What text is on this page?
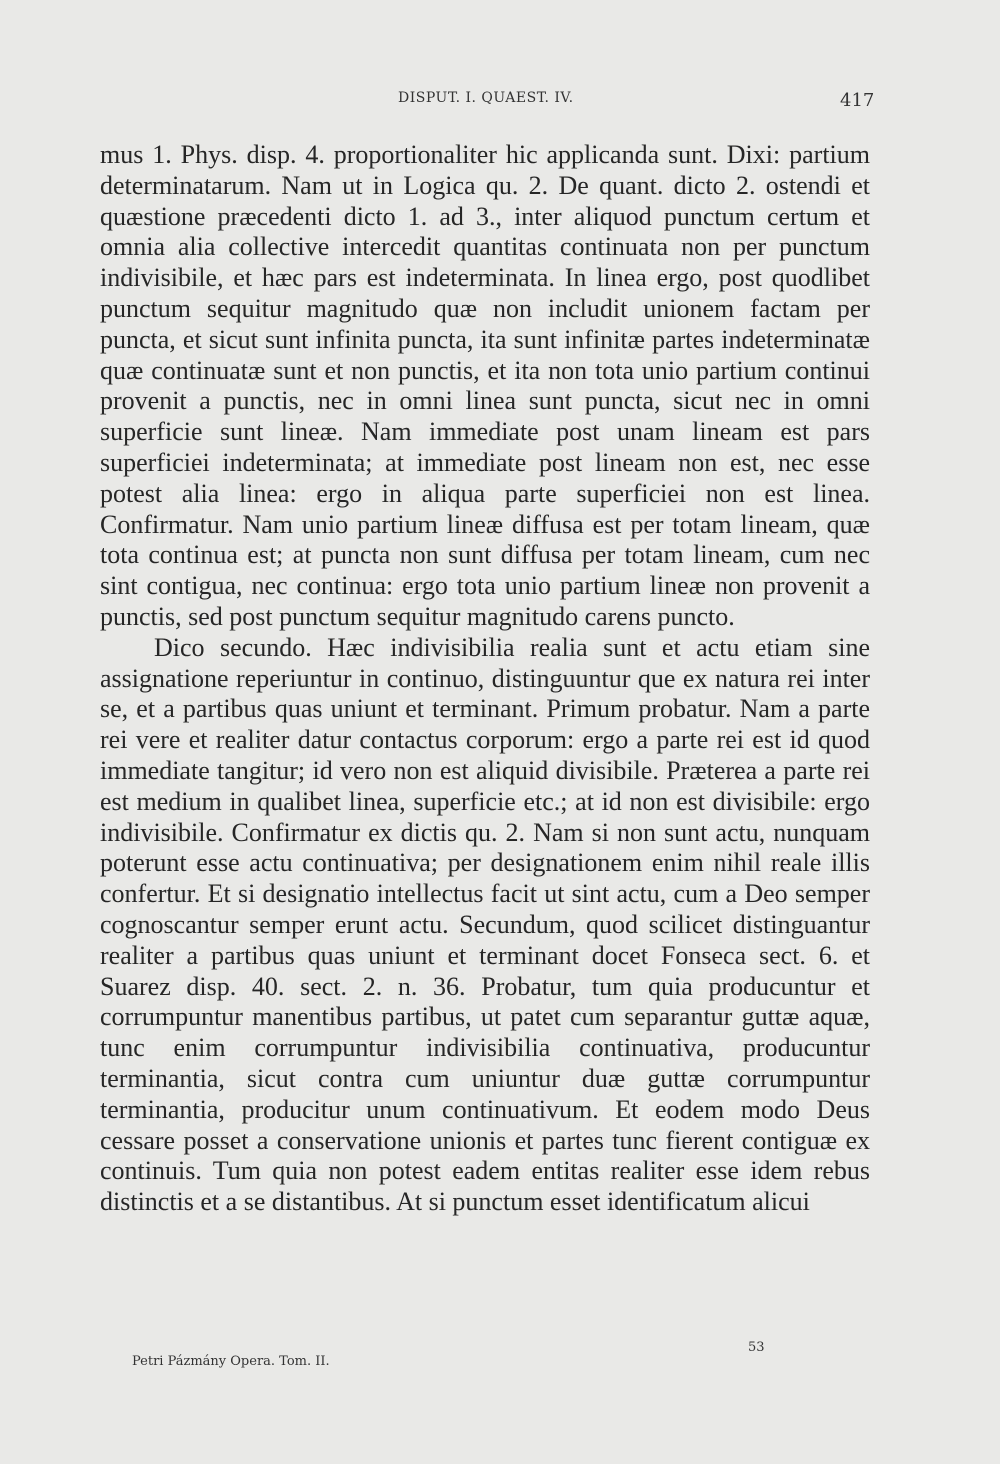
DISPUT. I. QUAEST. IV.	417

mus 1. Phys. disp. 4. proportionaliter hic applicanda sunt. Dixi: partium determinatarum. Nam ut in Logica qu. 2. De quant. dicto 2. ostendi et quæstione præcedenti dicto 1. ad 3., inter aliquod punctum certum et omnia alia collective intercedit quantitas continuata non per punctum indivisibile, et hæc pars est indeterminata. In linea ergo, post quodlibet punctum sequitur magnitudo quæ non includit unionem factam per puncta, et sicut sunt infinita puncta, ita sunt infinitæ partes indeterminatæ quæ continuatæ sunt et non punctis, et ita non tota unio partium continui provenit a punctis, nec in omni linea sunt puncta, sicut nec in omni superficie sunt lineæ. Nam immediate post unam lineam est pars superficiei indeterminata; at immediate post lineam non est, nec esse potest alia linea: ergo in aliqua parte superficiei non est linea. Confirmatur. Nam unio partium lineæ diffusa est per totam lineam, quæ tota continua est; at puncta non sunt diffusa per totam lineam, cum nec sint contigua, nec continua: ergo tota unio partium lineæ non provenit a punctis, sed post punctum sequitur magnitudo carens puncto.

Dico secundo. Hæc indivisibilia realia sunt et actu etiam sine assignatione reperiuntur in continuo, distinguuntur que ex natura rei inter se, et a partibus quas uniunt et terminant. Primum probatur. Nam a parte rei vere et realiter datur contactus corporum: ergo a parte rei est id quod immediate tangitur; id vero non est aliquid divisibile. Præterea a parte rei est medium in qualibet linea, superficie etc.; at id non est divisibile: ergo indivisibile. Confirmatur ex dictis qu. 2. Nam si non sunt actu, nunquam poterunt esse actu continuativa; per designationem enim nihil reale illis confertur. Et si designatio intellectus facit ut sint actu, cum a Deo semper cognoscantur semper erunt actu. Secundum, quod scilicet distinguantur realiter a partibus quas uniunt et terminant docet Fonseca sect. 6. et Suarez disp. 40. sect. 2. n. 36. Probatur, tum quia producuntur et corrumpuntur manentibus partibus, ut patet cum separantur guttæ aquæ, tunc enim corrumpuntur indivisibilia continuativa, producuntur terminantia, sicut contra cum uniuntur duæ guttæ corrumpuntur terminantia, producitur unum continuativum. Et eodem modo Deus cessare posset a conservatione unionis et partes tunc fierent contiguæ ex continuis. Tum quia non potest eadem entitas realiter esse idem rebus distinctis et a se distantibus. At si punctum esset identificatum alicui

53
Petri Pázmány Opera. Tom. II.
